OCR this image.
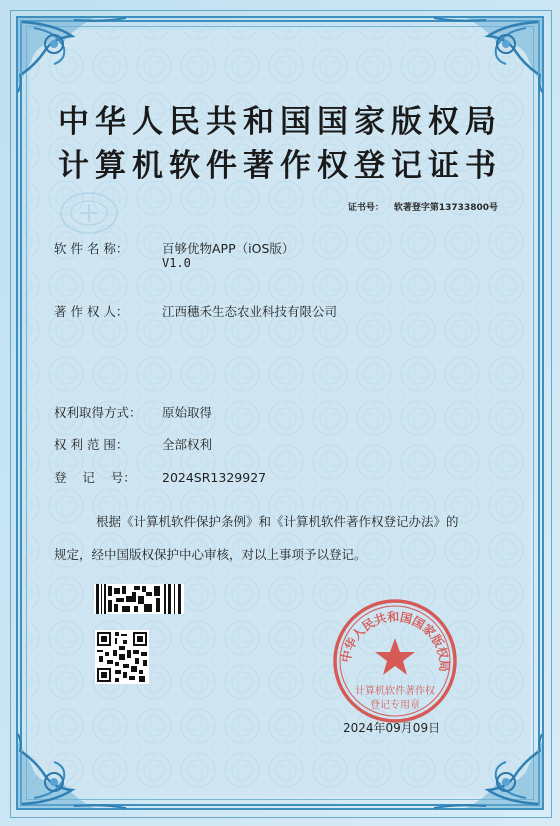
中华人民共和国国家版权局
计算机软件著作权登记证书
证书号： 软著登字第13733800号
软 件 名 称：	百够优物APP（iOS版）
V1.0
著 作 权 人：	江西穗禾生态农业科技有限公司
权利取得方式： 原始取得
权 利 范 围：	全部权利
登    记    号： 2024SR1329927
根据《计算机软件保护条例》和《计算机软件著作权登记办法》的
规定，经中国版权保护中心审核，对以上事项予以登记。
中华人民共和国国家版权局
计算机软件著作权
登记专用章
2024年09月09日
